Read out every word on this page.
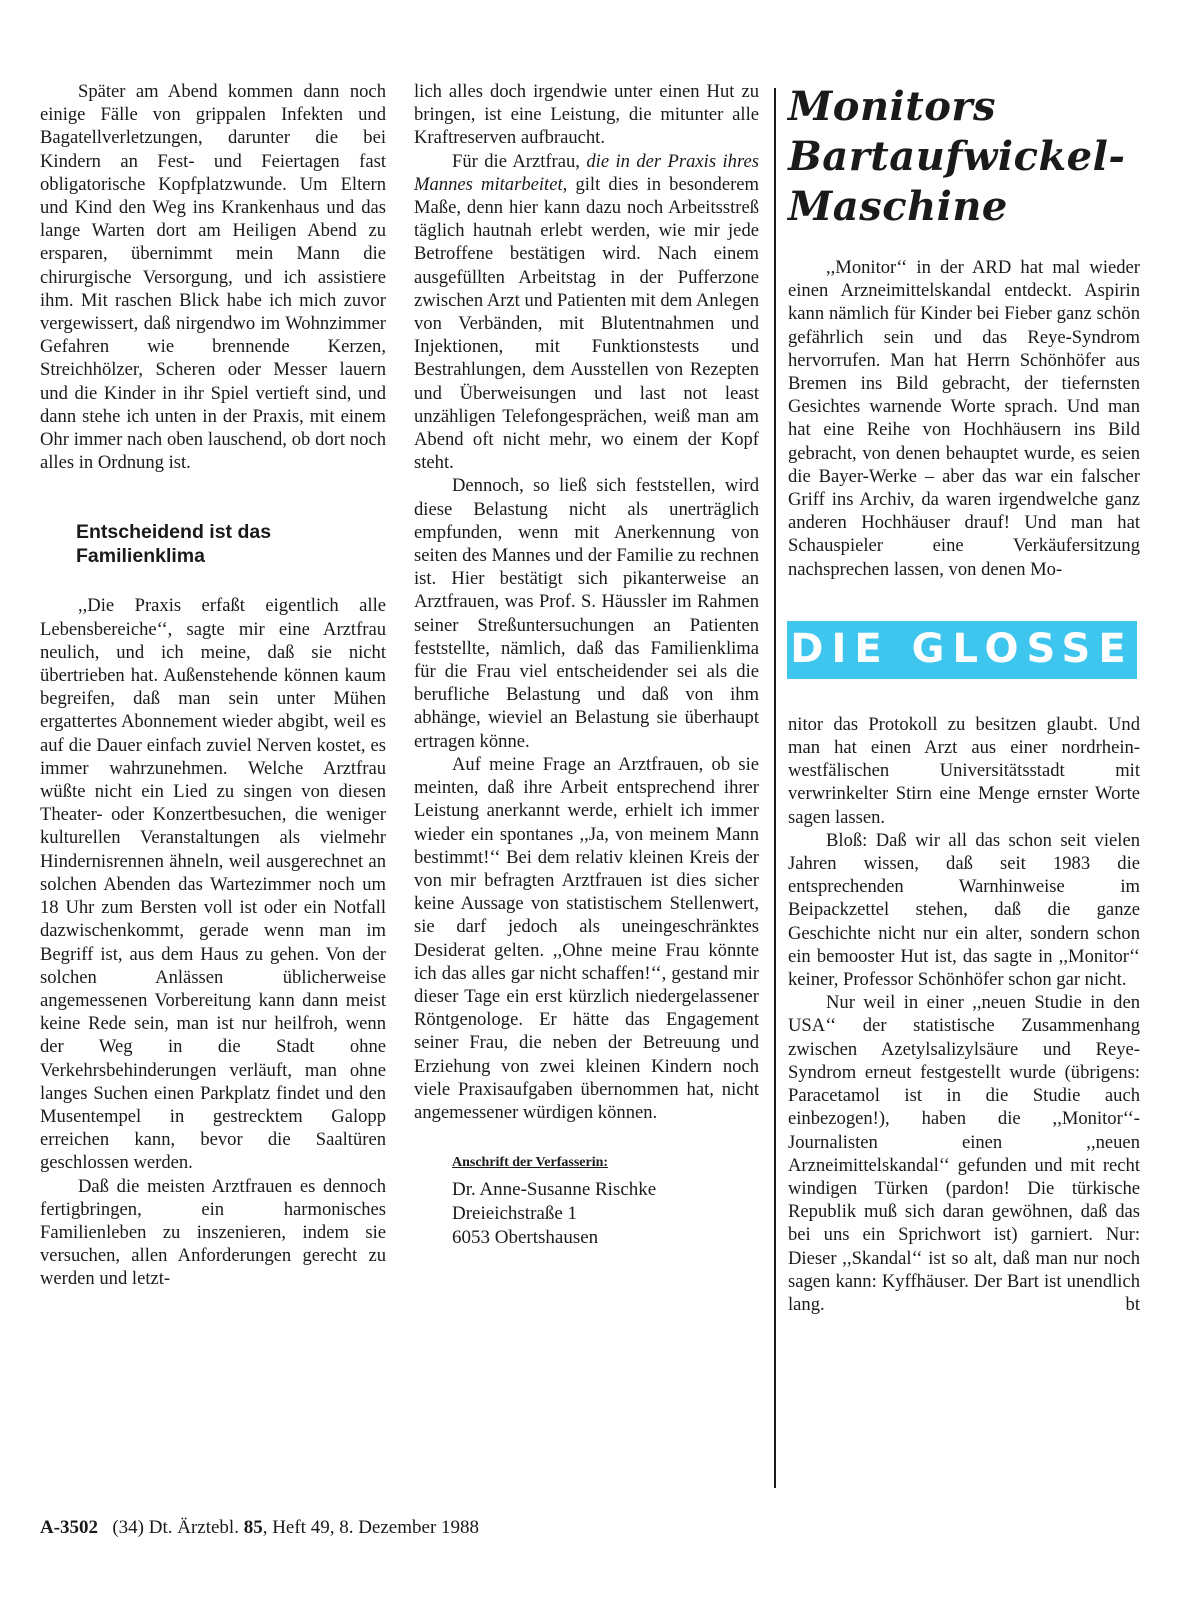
Später am Abend kommen dann noch einige Fälle von grippalen Infekten und Bagatellverletzungen, darunter die bei Kindern an Fest- und Feiertagen fast obligatorische Kopfplatzwunde. Um Eltern und Kind den Weg ins Krankenhaus und das lange Warten dort am Heiligen Abend zu ersparen, übernimmt mein Mann die chirurgische Versorgung, und ich assistiere ihm. Mit raschen Blick habe ich mich zuvor vergewissert, daß nirgendwo im Wohnzimmer Gefahren wie brennende Kerzen, Streichhölzer, Scheren oder Messer lauern und die Kinder in ihr Spiel vertieft sind, und dann stehe ich unten in der Praxis, mit einem Ohr immer nach oben lauschend, ob dort noch alles in Ordnung ist.

Entscheidend ist das
Familienklima

,,Die Praxis erfaßt eigentlich alle Lebensbereiche‘‘, sagte mir eine Arztfrau neulich, und ich meine, daß sie nicht übertrieben hat. Außenstehende können kaum begreifen, daß man sein unter Mühen ergattertes Abonnement wieder abgibt, weil es auf die Dauer einfach zuviel Nerven kostet, es immer wahrzunehmen. Welche Arztfrau wüßte nicht ein Lied zu singen von diesen Theater- oder Konzertbesuchen, die weniger kulturellen Veranstaltungen als vielmehr Hindernisrennen ähneln, weil ausgerechnet an solchen Abenden das Wartezimmer noch um 18 Uhr zum Bersten voll ist oder ein Notfall dazwischenkommt, gerade wenn man im Begriff ist, aus dem Haus zu gehen. Von der solchen Anlässen üblicherweise angemessenen Vorbereitung kann dann meist keine Rede sein, man ist nur heilfroh, wenn der Weg in die Stadt ohne Verkehrsbehinderungen verläuft, man ohne langes Suchen einen Parkplatz findet und den Musentempel in gestrecktem Galopp erreichen kann, bevor die Saaltüren geschlossen werden.

Daß die meisten Arztfrauen es dennoch fertigbringen, ein harmonisches Familienleben zu inszenieren, indem sie versuchen, allen Anforderungen gerecht zu werden und letzt-

lich alles doch irgendwie unter einen Hut zu bringen, ist eine Leistung, die mitunter alle Kraftreserven aufbraucht.

Für die Arztfrau, die in der Praxis ihres Mannes mitarbeitet, gilt dies in besonderem Maße, denn hier kann dazu noch Arbeitsstreß täglich hautnah erlebt werden, wie mir jede Betroffene bestätigen wird. Nach einem ausgefüllten Arbeitstag in der Pufferzone zwischen Arzt und Patienten mit dem Anlegen von Verbänden, mit Blutentnahmen und Injektionen, mit Funktionstests und Bestrahlungen, dem Ausstellen von Rezepten und Überweisungen und last not least unzähligen Telefongesprächen, weiß man am Abend oft nicht mehr, wo einem der Kopf steht.

Dennoch, so ließ sich feststellen, wird diese Belastung nicht als unerträglich empfunden, wenn mit Anerkennung von seiten des Mannes und der Familie zu rechnen ist. Hier bestätigt sich pikanterweise an Arztfrauen, was Prof. S. Häussler im Rahmen seiner Streßuntersuchungen an Patienten feststellte, nämlich, daß das Familienklima für die Frau viel entscheidender sei als die berufliche Belastung und daß von ihm abhänge, wieviel an Belastung sie überhaupt ertragen könne.

Auf meine Frage an Arztfrauen, ob sie meinten, daß ihre Arbeit entsprechend ihrer Leistung anerkannt werde, erhielt ich immer wieder ein spontanes ,,Ja, von meinem Mann bestimmt!‘‘ Bei dem relativ kleinen Kreis der von mir befragten Arztfrauen ist dies sicher keine Aussage von statistischem Stellenwert, sie darf jedoch als uneingeschränktes Desiderat gelten. ,,Ohne meine Frau könnte ich das alles gar nicht schaffen!‘‘, gestand mir dieser Tage ein erst kürzlich niedergelassener Röntgenologe. Er hätte das Engagement seiner Frau, die neben der Betreuung und Erziehung von zwei kleinen Kindern noch viele Praxisaufgaben übernommen hat, nicht angemessener würdigen können.

Anschrift der Verfasserin:
Dr. Anne-Susanne Rischke
Dreieichstraße 1
6053 Obertshausen
Monitors
Bartaufwickel-
Maschine

,,Monitor‘‘ in der ARD hat mal wieder einen Arzneimittelskandal entdeckt. Aspirin kann nämlich für Kinder bei Fieber ganz schön gefährlich sein und das Reye-Syndrom hervorrufen. Man hat Herrn Schönhöfer aus Bremen ins Bild gebracht, der tiefernsten Gesichtes warnende Worte sprach. Und man hat eine Reihe von Hochhäusern ins Bild gebracht, von denen behauptet wurde, es seien die Bayer-Werke – aber das war ein falscher Griff ins Archiv, da waren irgendwelche ganz anderen Hochhäuser drauf! Und man hat Schauspieler eine Verkäufersitzung nachsprechen lassen, von denen Mo-

DIE GLOSSE

nitor das Protokoll zu besitzen glaubt. Und man hat einen Arzt aus einer nordrhein-westfälischen Universitätsstadt mit verwrinkelter Stirn eine Menge ernster Worte sagen lassen.

Bloß: Daß wir all das schon seit vielen Jahren wissen, daß seit 1983 die entsprechenden Warnhinweise im Beipackzettel stehen, daß die ganze Geschichte nicht nur ein alter, sondern schon ein bemooster Hut ist, das sagte in ,,Monitor‘‘ keiner, Professor Schönhöfer schon gar nicht.

Nur weil in einer ,,neuen Studie in den USA‘‘ der statistische Zusammenhang zwischen Azetylsalizylsäure und Reye-Syndrom erneut festgestellt wurde (übrigens: Paracetamol ist in die Studie auch einbezogen!), haben die ,,Monitor‘‘-Journalisten einen ,,neuen Arzneimittelskandal‘‘ gefunden und mit recht windigen Türken (pardon! Die türkische Republik muß sich daran gewöhnen, daß das bei uns ein Sprichwort ist) garniert. Nur: Dieser ,,Skandal‘‘ ist so alt, daß man nur noch sagen kann: Kyffhäuser. Der Bart ist unendlich lang.	bt

A-3502 (34) Dt. Ärztebl. 85, Heft 49, 8. Dezember 1988
